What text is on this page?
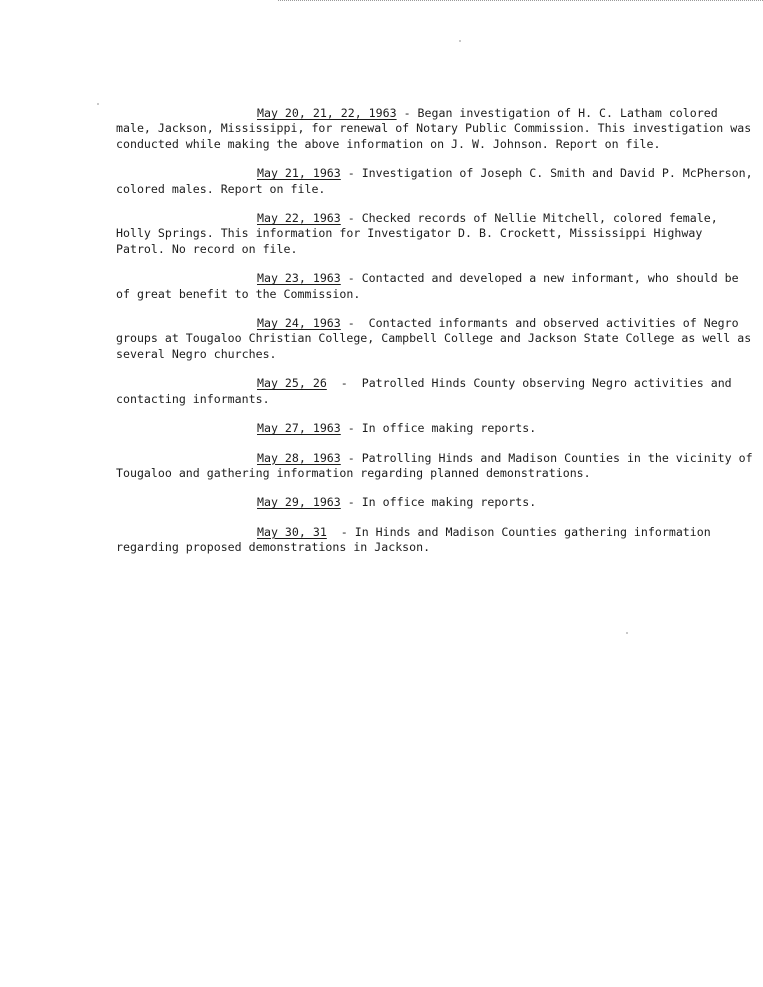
May 20, 21, 22, 1963 - Began investigation of H. C. Latham colored male, Jackson, Mississippi, for renewal of Notary Public Commission. This investigation was conducted while making the above information on J. W. Johnson. Report on file.

May 21, 1963 - Investigation of Joseph C. Smith and David P. McPherson, colored males. Report on file.

May 22, 1963 - Checked records of Nellie Mitchell, colored female, Holly Springs. This information for Investigator D. B. Crockett, Mississippi Highway Patrol. No record on file.

May 23, 1963 - Contacted and developed a new informant, who should be of great benefit to the Commission.

May 24, 1963 -  Contacted informants and observed activities of Negro groups at Tougaloo Christian College, Campbell College and Jackson State College as well as several Negro churches.

May 25, 26  -  Patrolled Hinds County observing Negro activities and contacting informants.

May 27, 1963 - In office making reports.

May 28, 1963 - Patrolling Hinds and Madison Counties in the vicinity of Tougaloo and gathering information regarding planned demonstrations.

May 29, 1963 - In office making reports.

May 30, 31  - In Hinds and Madison Counties gathering information regarding proposed demonstrations in Jackson.
